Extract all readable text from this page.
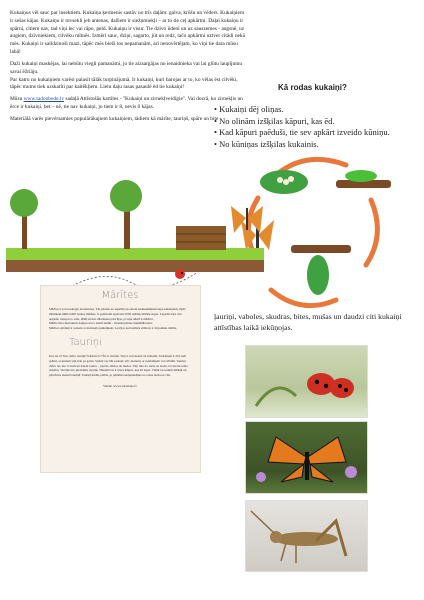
Kukaiņus vēl sauc par insektiem. Kukaiņa ķermenis sastāv no trīs daļām: galva, krūšu un vēders. Kukaiņiem ir sešas kājas. Kukaiņu ir tuvsekli jeb antenas, dažiem ir siežņmiekļi – ar to tie ceļ apkārtni. Daļai kukaiņu ir spārni, citiem nav, tad viņi lec vai rāpo, peld. Kukaiņu ir visur. Tie dzīvo ūdenī un uz sauszemes - augsnē, uz augiem, dzīvniekiem, cilvēku mītnēs. Izmēri sauc, dziņi, sagarto, jūt un redz, tačo apkārtni uztver citādi nekā mēs. Kukaiņi ir salīdzinoši mazi, tāpēc mēs bieži tos nepamanām, arī nenovērtējam, ko viņi tie dara mūsu labā!

Daži kukaiņi maskējas, lai nebūtu viegli pamanāmi, jo tie aizsargājas no ienaidnieka vai lai glūtu laupījumu savai ēžriāju.
Par katru no kukaiņiem varēsi palasīt tālāk turpinājumā. Ir kukaiņi, kuri barojas ar to, ko vēlas ēst cilvēki, tāpēc mums tiek uzskatīti par kaitēkļiem. Lielu daļu rasas pasaulē ēd tie kukaiņi!

Mūsu www.tadoobede.lv sadaļā Attīstošās kartītes - "Kukaiņi un zirnekļveidīgie". Vai dozrā, ko zirnekļis un ērce ir kukaiņi, bet – nē, tie nav kukaiņi, jo tiem ir 8, nevis 6 kājas.

Materiālā varēs pievērsamies populārākajiem kukaiņiem, tādiem kā mārīte, tauriņš, spāre un bite

Kā rodas kukaiņi?
• Kukaiņi dēj oliņas.
• No olinām izšķilas kāpuri, kas ēd.
• Kad kāpuri paēduši, tie sev apkārt izveido kūniņu.
• No kūniņas izšķilas kukainis.
ļauriņi, vaboles, skudras, bites, mušas un daudzi citi kukaiņi attīstības laikā iekūņojas.
Mārītes

Mārītes ir ļoti noskopju draudzenes. Tās pārtiek no laputīm un citiem laukkaitēkļiem/lapu kukaiņiem, tāpēc mērinieki mīlēt mārīt laukos mārītes. Ir pazīstami aptuveni 5000 dažādu mārīšu sugas. Lapsnīs daru citu augiem, trešajos to sulu, tādēļ izvieto dārznieku priecājas, ja viņu dārzā ir mārītes.
Mārīte ēdot ēkertumus daļiņas un to laistīt tukšēt - izmantojamies maktēnībsanas.
Mārītes spārniņi ir sarkani ar melniem punktiņiem. Latvijas nacionālais simbols ir divpunktu mārīte.

Tauriņi

Kas tas ir? Kur dzīvo tauriņi? Kādi tie ir? Šis ir tauriņš. Viņi ir ļoti skaisti un krāsaini. Tauriņiem ir divi lieli spārni, ar kuriem viņi lido pa gaisu. Spārni var būt sarkani, zili, dzelteni, ar punktiņiem vai svītrām. Tauriņi dzīvo tur, kur ir ziedi un daudz saules – pļavās, dārzos un mežos. Viņi lido no zieda uz ziedu, lai dzertu saldo nektāru. Tauriņš nav piedzimis tauriņš. Sākumā tas ir mazs kāpurs, kas ēd lapas. Vēlāk tas ietinās kūniņā un pārvēršas skaistā tauriņā. Tauriņi mums palīdz, jo pārnēsā ziedputekšņus no viena zieda uz citu.

Vairāk: www.tadoobede.lv
